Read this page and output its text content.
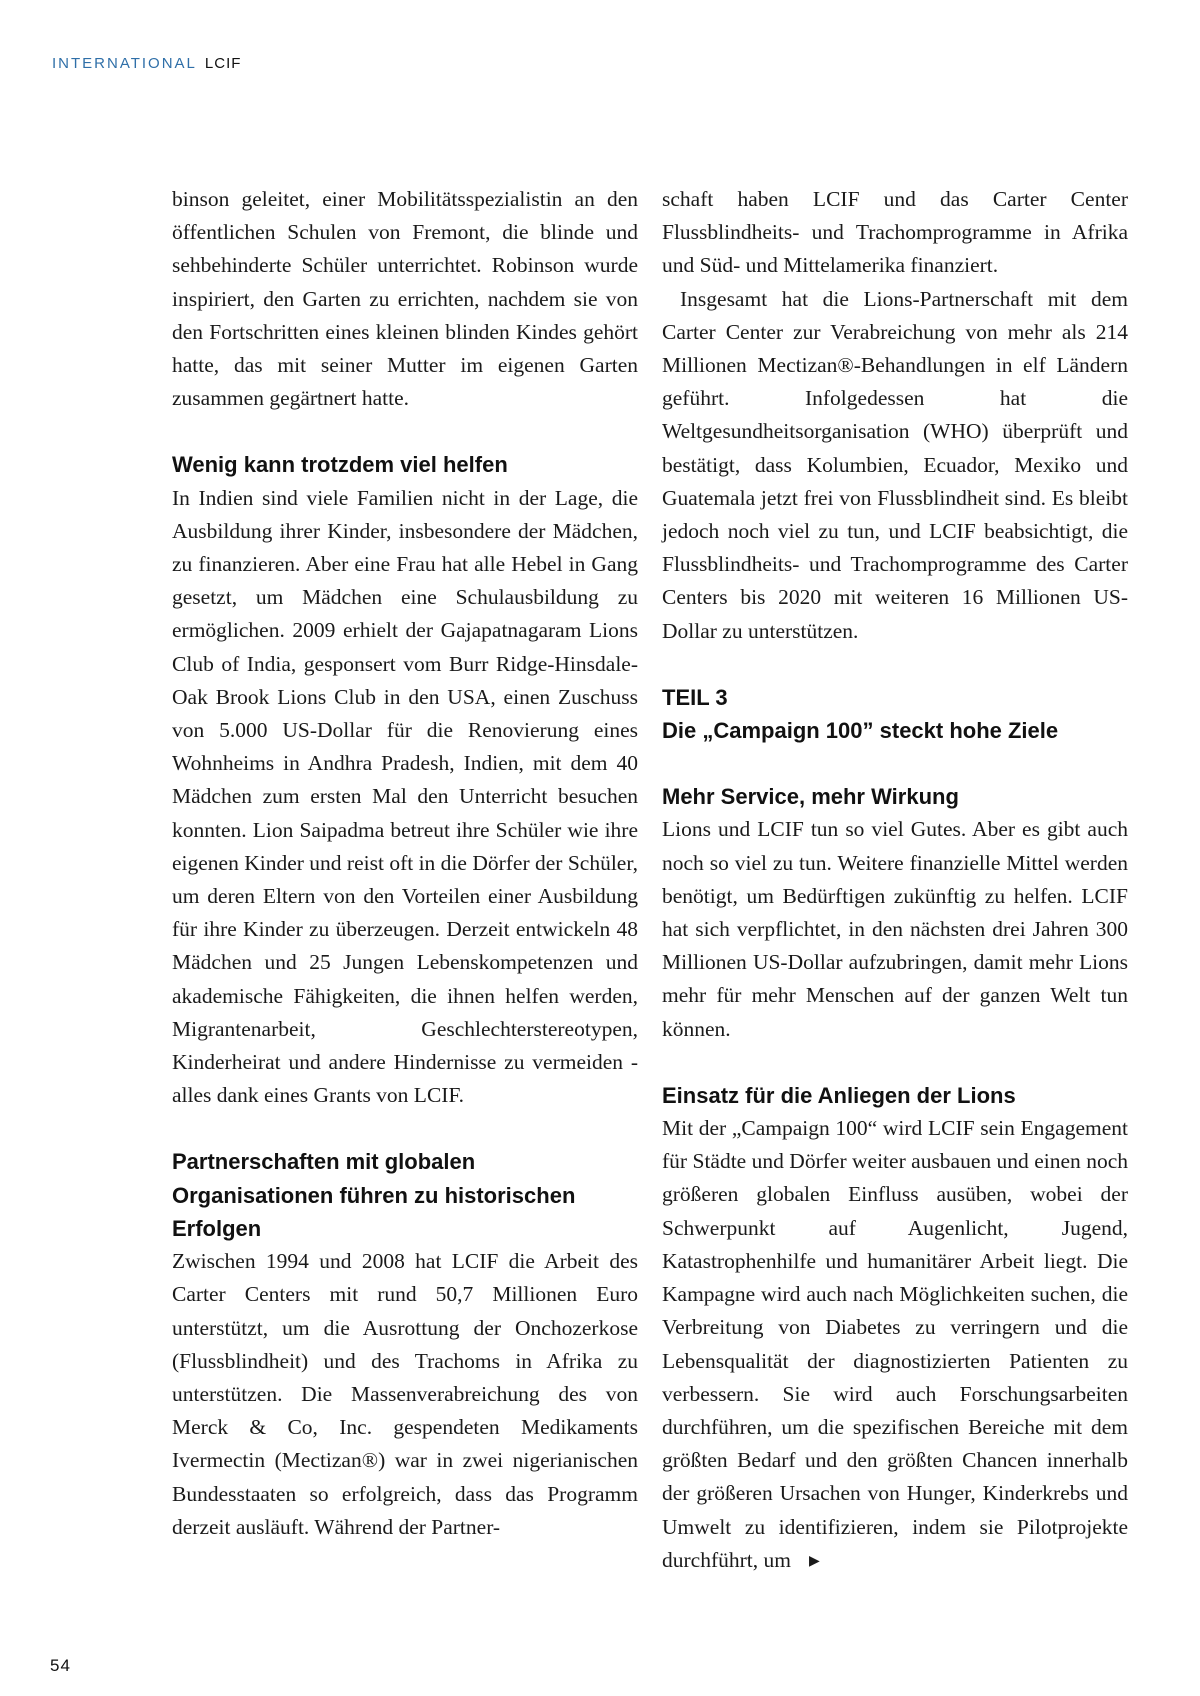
INTERNATIONAL LCIF

binson geleitet, einer Mobilitätsspezialistin an den öffentlichen Schulen von Fremont, die blinde und sehbehinderte Schüler unterrichtet. Robinson wurde inspiriert, den Garten zu errichten, nachdem sie von den Fortschritten eines kleinen blinden Kindes gehört hatte, das mit seiner Mutter im eigenen Garten zusammen gegärtnert hatte.

Wenig kann trotzdem viel helfen

In Indien sind viele Familien nicht in der Lage, die Ausbildung ihrer Kinder, insbesondere der Mädchen, zu finanzieren. Aber eine Frau hat alle Hebel in Gang gesetzt, um Mädchen eine Schulausbildung zu ermöglichen. 2009 erhielt der Gajapatnagaram Lions Club of India, gesponsert vom Burr Ridge-Hinsdale-Oak Brook Lions Club in den USA, einen Zuschuss von 5.000 US-Dollar für die Renovierung eines Wohnheims in Andhra Pradesh, Indien, mit dem 40 Mädchen zum ersten Mal den Unterricht besuchen konnten. Lion Saipadma betreut ihre Schüler wie ihre eigenen Kinder und reist oft in die Dörfer der Schüler, um deren Eltern von den Vorteilen einer Ausbildung für ihre Kinder zu überzeugen. Derzeit entwickeln 48 Mädchen und 25 Jungen Lebenskompetenzen und akademische Fähigkeiten, die ihnen helfen werden, Migrantenarbeit, Geschlechterstereotypen, Kinderheirat und andere Hindernisse zu vermeiden - alles dank eines Grants von LCIF.

Partnerschaften mit globalen Organisationen führen zu historischen Erfolgen

Zwischen 1994 und 2008 hat LCIF die Arbeit des Carter Centers mit rund 50,7 Millionen Euro unterstützt, um die Ausrottung der Onchozerkose (Flussblindheit) und des Trachoms in Afrika zu unterstützen. Die Massenverabreichung des von Merck & Co, Inc. gespendeten Medikaments Ivermectin (Mectizan®) war in zwei nigerianischen Bundesstaaten so erfolgreich, dass das Programm derzeit ausläuft. Während der Partner-

schaft haben LCIF und das Carter Center Flussblindheits- und Trachomprogramme in Afrika und Süd- und Mittelamerika finanziert.

Insgesamt hat die Lions-Partnerschaft mit dem Carter Center zur Verabreichung von mehr als 214 Millionen Mectizan®-Behandlungen in elf Ländern geführt. Infolgedessen hat die Weltgesundheitsorganisation (WHO) überprüft und bestätigt, dass Kolumbien, Ecuador, Mexiko und Guatemala jetzt frei von Flussblindheit sind. Es bleibt jedoch noch viel zu tun, und LCIF beabsichtigt, die Flussblindheits- und Trachomprogramme des Carter Centers bis 2020 mit weiteren 16 Millionen US-Dollar zu unterstützen.

TEIL 3
Die „Campaign 100” steckt hohe Ziele
Mehr Service, mehr Wirkung

Lions und LCIF tun so viel Gutes. Aber es gibt auch noch so viel zu tun. Weitere finanzielle Mittel werden benötigt, um Bedürftigen zukünftig zu helfen. LCIF hat sich verpflichtet, in den nächsten drei Jahren 300 Millionen US-Dollar aufzubringen, damit mehr Lions mehr für mehr Menschen auf der ganzen Welt tun können.

Einsatz für die Anliegen der Lions

Mit der „Campaign 100“ wird LCIF sein Engagement für Städte und Dörfer weiter ausbauen und einen noch größeren globalen Einfluss ausüben, wobei der Schwerpunkt auf Augenlicht, Jugend, Katastrophenhilfe und humanitärer Arbeit liegt. Die Kampagne wird auch nach Möglichkeiten suchen, die Verbreitung von Diabetes zu verringern und die Lebensqualität der diagnostizierten Patienten zu verbessern. Sie wird auch Forschungsarbeiten durchführen, um die spezifischen Bereiche mit dem größten Bedarf und den größten Chancen innerhalb der größeren Ursachen von Hunger, Kinderkrebs und Umwelt zu identifizieren, indem sie Pilotprojekte durchführt, um ▶

54
